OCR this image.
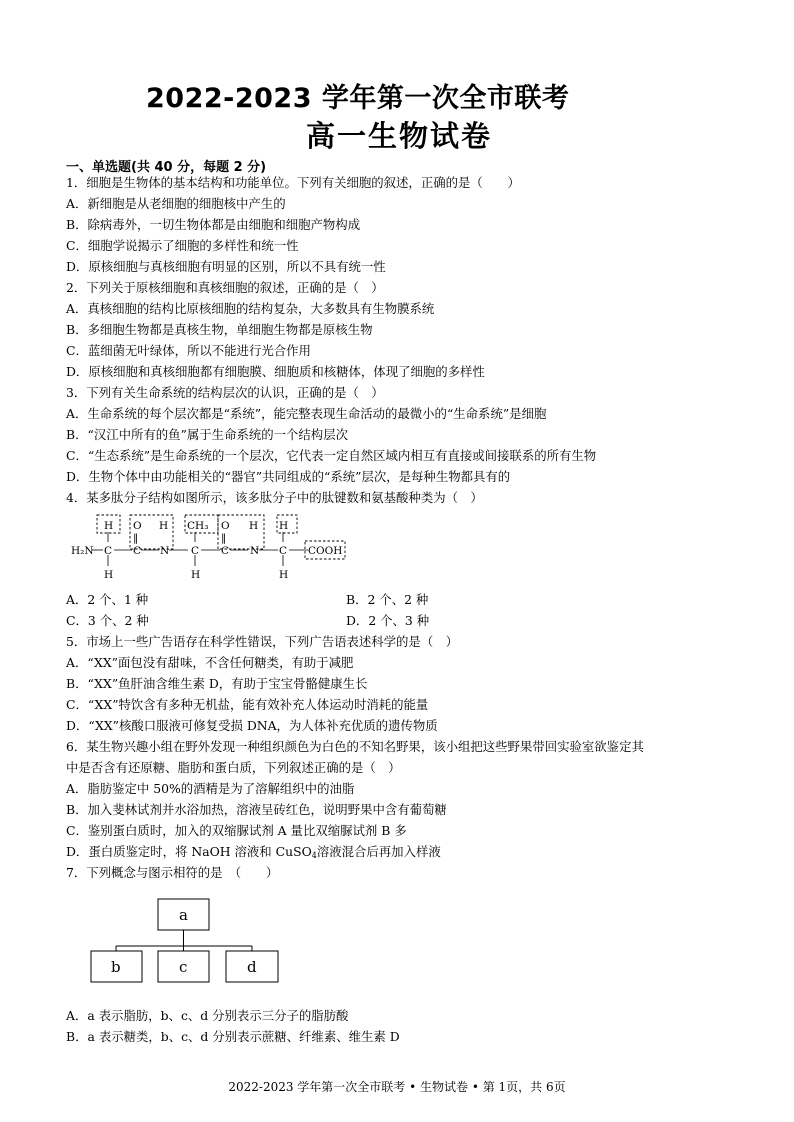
2022-2023 学年第一次全市联考
高一生物试卷
一、单选题(共 40 分，每题 2 分)
1．细胞是生物体的基本结构和功能单位。下列有关细胞的叙述，正确的是（　　）
A．新细胞是从老细胞的细胞核中产生的
B．除病毒外，一切生物体都是由细胞和细胞产物构成
C．细胞学说揭示了细胞的多样性和统一性
D．原核细胞与真核细胞有明显的区别，所以不具有统一性
2．下列关于原核细胞和真核细胞的叙述，正确的是（　）
A．真核细胞的结构比原核细胞的结构复杂，大多数具有生物膜系统
B．多细胞生物都是真核生物，单细胞生物都是原核生物
C．蓝细菌无叶绿体，所以不能进行光合作用
D．原核细胞和真核细胞都有细胞膜、细胞质和核糖体，体现了细胞的多样性
3．下列有关生命系统的结构层次的认识，正确的是（　）
A．生命系统的每个层次都是“系统”，能完整表现生命活动的最微小的“生命系统”是细胞
B．“汉江中所有的鱼”属于生命系统的一个结构层次
C．“生态系统”是生命系统的一个层次，它代表一定自然区域内相互有直接或间接联系的所有生物
D．生物个体中由功能相关的“器官”共同组成的“系统”层次，是每种生物都具有的
4．某多肽分子结构如图所示，该多肽分子中的肽键数和氨基酸种类为（　）
H₂N C
H
H
O
‖
C
H
N
CH₃
C
H
O
‖
C
H
N
H
C
H
COOH
A．2 个、1 种	B．2 个、2 种
C．3 个、2 种	D．2 个、3 种
5．市场上一些广告语存在科学性错误，下列广告语表述科学的是（　）
A．“XX”面包没有甜味，不含任何糖类，有助于减肥
B．“XX”鱼肝油含维生素 D，有助于宝宝骨骼健康生长
C．“XX”特饮含有多种无机盐，能有效补充人体运动时消耗的能量
D．“XX”核酸口服液可修复受损 DNA，为人体补充优质的遗传物质
6．某生物兴趣小组在野外发现一种组织颜色为白色的不知名野果，该小组把这些野果带回实验室欲鉴定其
中是否含有还原糖、脂肪和蛋白质，下列叙述正确的是（　）
A．脂肪鉴定中 50%的酒精是为了溶解组织中的油脂
B．加入斐林试剂并水浴加热，溶液呈砖红色，说明野果中含有葡萄糖
C．鉴别蛋白质时，加入的双缩脲试剂 A 量比双缩脲试剂 B 多
D．蛋白质鉴定时，将 NaOH 溶液和 CuSO$_4$溶液混合后再加入样液
7．下列概念与图示相符的是　（　　）
a
b	c	d
A．a 表示脂肪，b、c、d 分别表示三分子的脂肪酸
B．a 表示糖类，b、c、d 分别表示蔗糖、纤维素、维生素 D
2022-2023 学年第一次全市联考 • 生物试卷 • 第 1页，共 6页
